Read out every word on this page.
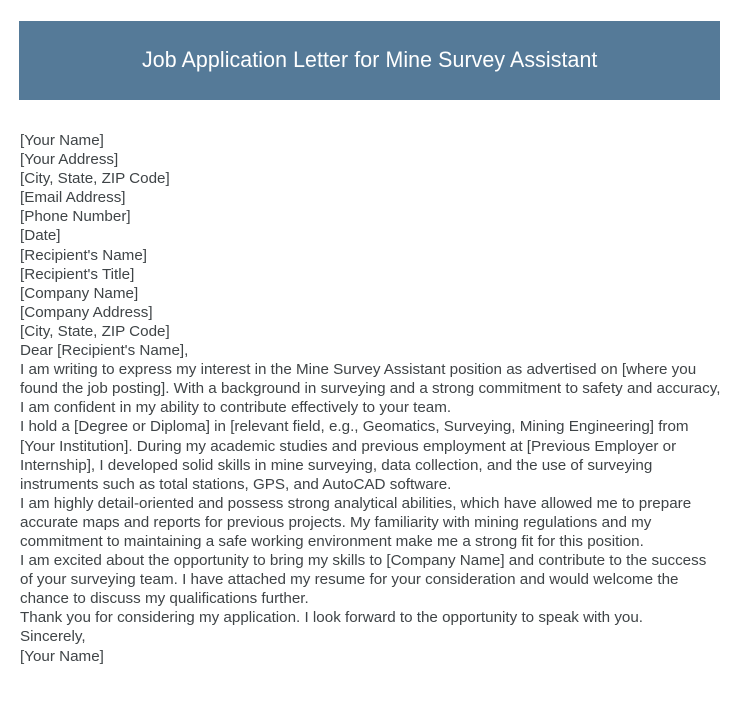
Job Application Letter for Mine Survey Assistant

[Your Name]

[Your Address]

[City, State, ZIP Code]

[Email Address]

[Phone Number]

[Date]

[Recipient's Name]

[Recipient's Title]

[Company Name]

[Company Address]

[City, State, ZIP Code]

Dear [Recipient's Name],

I am writing to express my interest in the Mine Survey Assistant position as advertised on [where you found the job posting]. With a background in surveying and a strong commitment to safety and accuracy, I am confident in my ability to contribute effectively to your team.

I hold a [Degree or Diploma] in [relevant field, e.g., Geomatics, Surveying, Mining Engineering] from [Your Institution]. During my academic studies and previous employment at [Previous Employer or Internship], I developed solid skills in mine surveying, data collection, and the use of surveying instruments such as total stations, GPS, and AutoCAD software.

I am highly detail-oriented and possess strong analytical abilities, which have allowed me to prepare accurate maps and reports for previous projects. My familiarity with mining regulations and my commitment to maintaining a safe working environment make me a strong fit for this position.

I am excited about the opportunity to bring my skills to [Company Name] and contribute to the success of your surveying team. I have attached my resume for your consideration and would welcome the chance to discuss my qualifications further.

Thank you for considering my application. I look forward to the opportunity to speak with you.

Sincerely,

[Your Name]
